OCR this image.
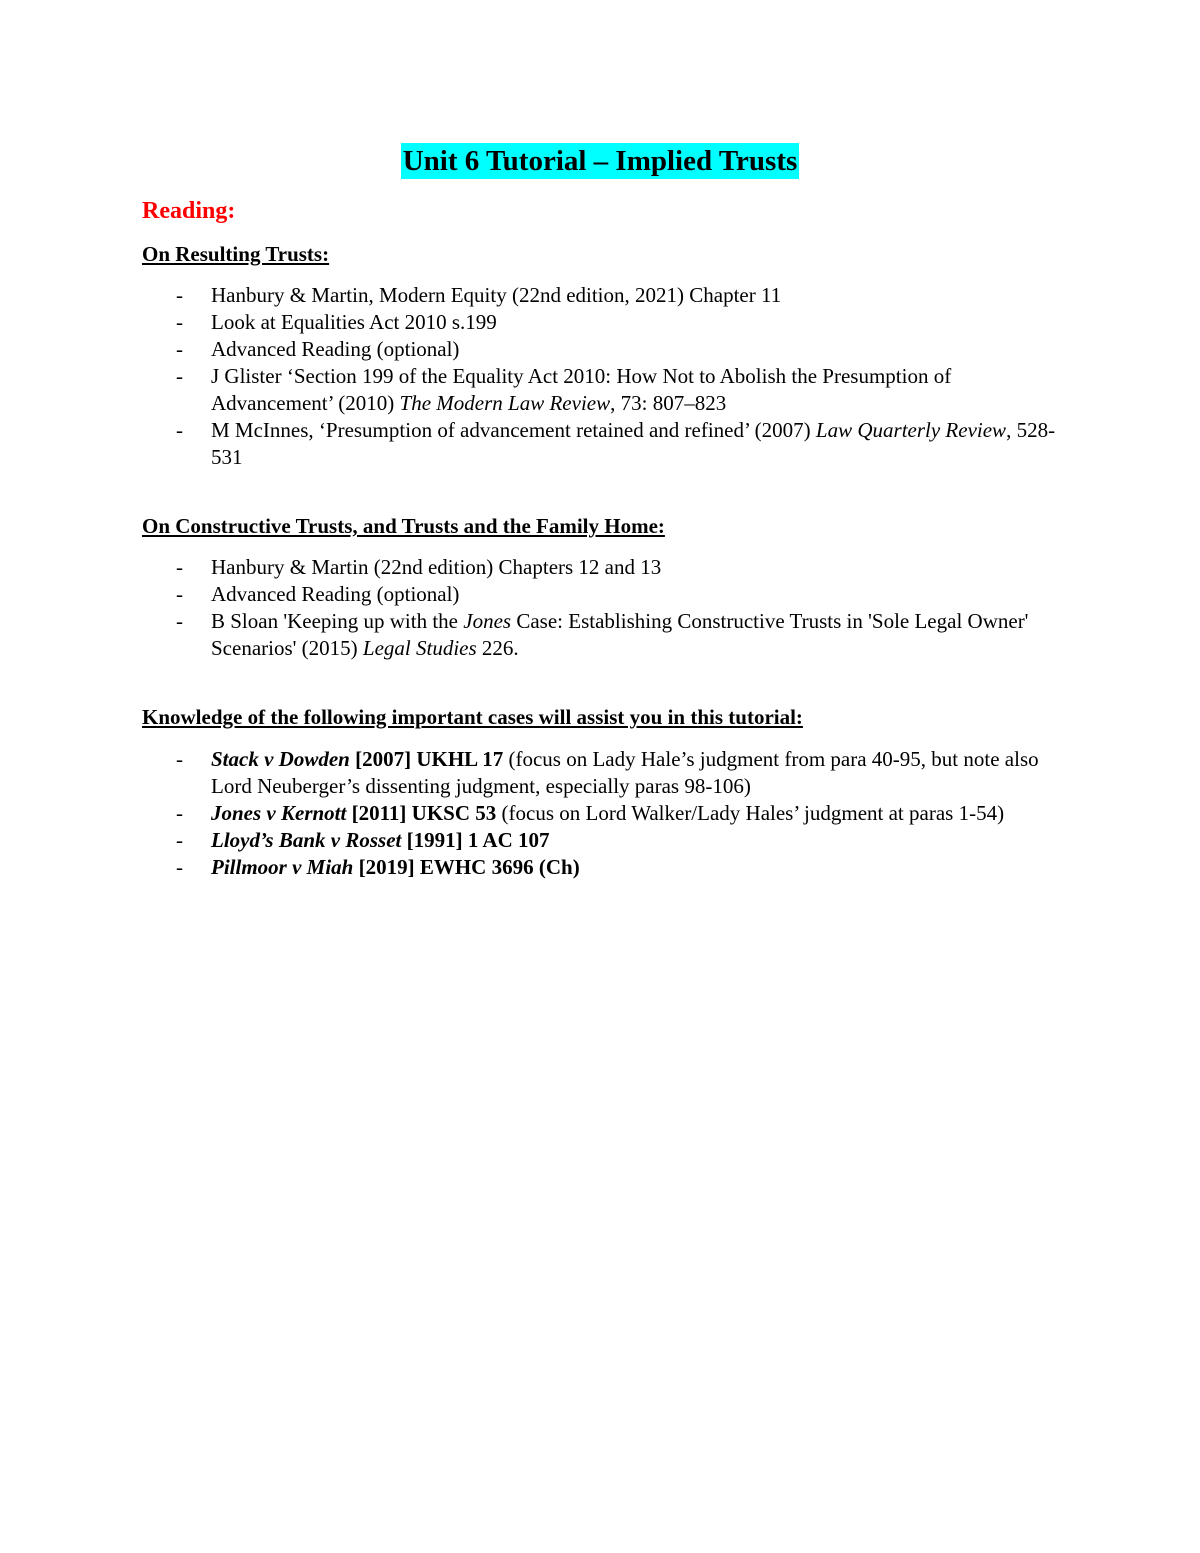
Unit 6 Tutorial – Implied Trusts
Reading:
On Resulting Trusts:
- Hanbury & Martin, Modern Equity (22nd edition, 2021) Chapter 11
- Look at Equalities Act 2010 s.199
- Advanced Reading (optional)
- J Glister ‘Section 199 of the Equality Act 2010: How Not to Abolish the Presumption of Advancement’ (2010) The Modern Law Review, 73: 807–823
- M McInnes, ‘Presumption of advancement retained and refined’ (2007) Law Quarterly Review, 528-531
On Constructive Trusts, and Trusts and the Family Home:
- Hanbury & Martin (22nd edition) Chapters 12 and 13
- Advanced Reading (optional)
- B Sloan 'Keeping up with the Jones Case: Establishing Constructive Trusts in 'Sole Legal Owner' Scenarios' (2015) Legal Studies 226.
Knowledge of the following important cases will assist you in this tutorial:
- Stack v Dowden [2007] UKHL 17 (focus on Lady Hale’s judgment from para 40-95, but note also Lord Neuberger’s dissenting judgment, especially paras 98-106)
- Jones v Kernott [2011] UKSC 53 (focus on Lord Walker/Lady Hales’ judgment at paras 1-54)
- Lloyd’s Bank v Rosset [1991] 1 AC 107
- Pillmoor v Miah [2019] EWHC 3696 (Ch)
